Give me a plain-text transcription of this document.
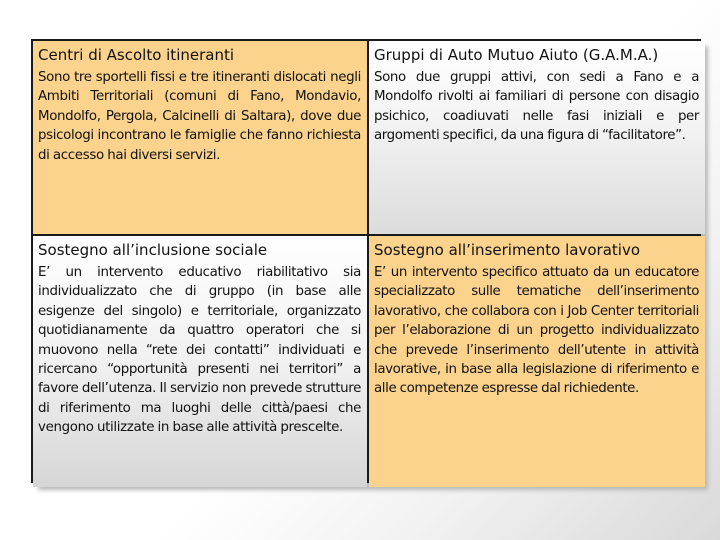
Centri di Ascolto itineranti
Sono tre sportelli fissi e tre itineranti dislocati negli Ambiti Territoriali (comuni di Fano, Mondavio, Mondolfo, Pergola, Calcinelli di Saltara), dove due psicologi incontrano le famiglie che fanno richiesta di accesso hai diversi servizi.
Gruppi di Auto Mutuo Aiuto (G.A.M.A.)
Sono due gruppi attivi, con sedi a Fano e a Mondolfo rivolti ai familiari di persone con disagio psichico, coadiuvati nelle fasi iniziali e per argomenti specifici, da una figura di “facilitatore”.
Sostegno all’inclusione sociale
E’ un intervento educativo riabilitativo sia individualizzato che di gruppo (in base alle esigenze del singolo) e territoriale, organizzato quotidianamente da quattro operatori che si muovono nella “rete dei contatti” individuati e ricercano “opportunità presenti nei territori” a favore dell’utenza. Il servizio non prevede strutture di riferimento ma luoghi delle città/paesi che vengono utilizzate in base alle attività prescelte.
Sostegno all’inserimento lavorativo
E’ un intervento specifico attuato da un educatore specializzato sulle tematiche dell’inserimento lavorativo, che collabora con i Job Center territoriali per l’elaborazione di un progetto individualizzato che prevede l’inserimento dell’utente in attività lavorative, in base alla legislazione di riferimento e alle competenze espresse dal richiedente.
